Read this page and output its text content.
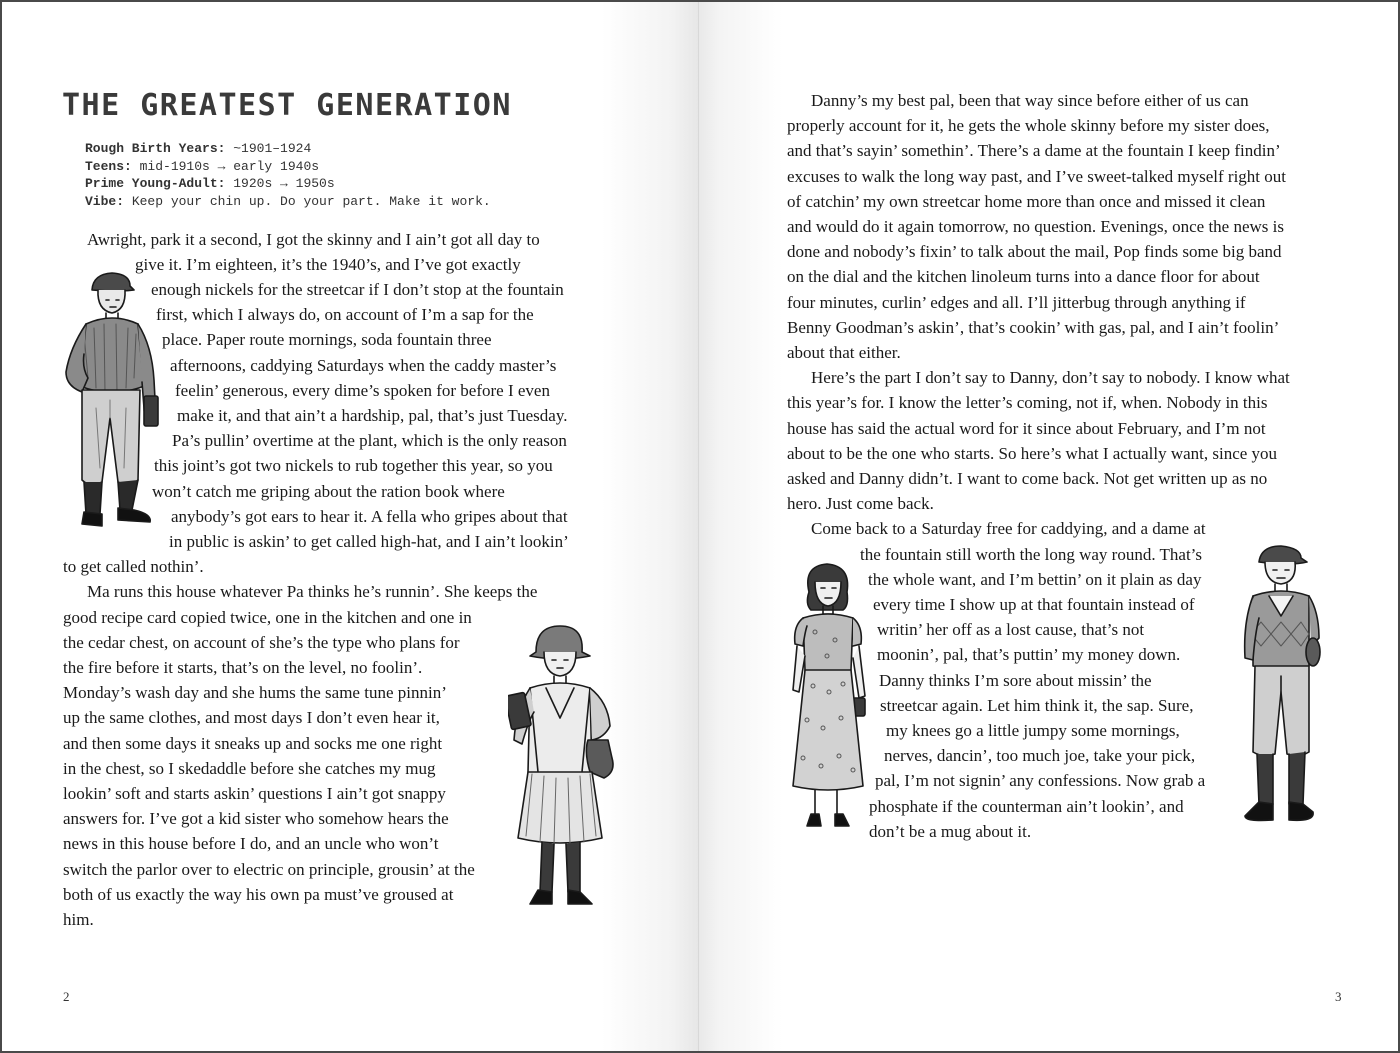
THE GREATEST GENERATION
Rough Birth Years: ~1901–1924
Teens: mid-1910s → early 1940s
Prime Young-Adult: 1920s → 1950s
Vibe: Keep your chin up. Do your part. Make it work.
Awright, park it a second, I got the skinny and I ain’t got all day to
give it. I’m eighteen, it’s the 1940’s, and I’ve got exactly
enough nickels for the streetcar if I don’t stop at the fountain
first, which I always do, on account of I’m a sap for the
place. Paper route mornings, soda fountain three
afternoons, caddying Saturdays when the caddy master’s
feelin’ generous, every dime’s spoken for before I even
make it, and that ain’t a hardship, pal, that’s just Tuesday.
Pa’s pullin’ overtime at the plant, which is the only reason
this joint’s got two nickels to rub together this year, so you
won’t catch me griping about the ration book where
anybody’s got ears to hear it. A fella who gripes about that
in public is askin’ to get called high-hat, and I ain’t lookin’
to get called nothin’.
Ma runs this house whatever Pa thinks he’s runnin’. She keeps the
good recipe card copied twice, one in the kitchen and one in
the cedar chest, on account of she’s the type who plans for
the fire before it starts, that’s on the level, no foolin’.
Monday’s wash day and she hums the same tune pinnin’
up the same clothes, and most days I don’t even hear it,
and then some days it sneaks up and socks me one right
in the chest, so I skedaddle before she catches my mug
lookin’ soft and starts askin’ questions I ain’t got snappy
answers for. I’ve got a kid sister who somehow hears the
news in this house before I do, and an uncle who won’t
switch the parlor over to electric on principle, grousin’ at the
both of us exactly the way his own pa must’ve groused at
him.
2
Danny’s my best pal, been that way since before either of us can
properly account for it, he gets the whole skinny before my sister does,
and that’s sayin’ somethin’. There’s a dame at the fountain I keep findin’
excuses to walk the long way past, and I’ve sweet-talked myself right out
of catchin’ my own streetcar home more than once and missed it clean
and would do it again tomorrow, no question. Evenings, once the news is
done and nobody’s fixin’ to talk about the mail, Pop finds some big band
on the dial and the kitchen linoleum turns into a dance floor for about
four minutes, curlin’ edges and all. I’ll jitterbug through anything if
Benny Goodman’s askin’, that’s cookin’ with gas, pal, and I ain’t foolin’
about that either.
Here’s the part I don’t say to Danny, don’t say to nobody. I know what
this year’s for. I know the letter’s coming, not if, when. Nobody in this
house has said the actual word for it since about February, and I’m not
about to be the one who starts. So here’s what I actually want, since you
asked and Danny didn’t. I want to come back. Not get written up as no
hero. Just come back.
Come back to a Saturday free for caddying, and a dame at
the fountain still worth the long way round. That’s
the whole want, and I’m bettin’ on it plain as day
every time I show up at that fountain instead of
writin’ her off as a lost cause, that’s not
moonin’, pal, that’s puttin’ my money down.
Danny thinks I’m sore about missin’ the
streetcar again. Let him think it, the sap. Sure,
my knees go a little jumpy some mornings,
nerves, dancin’, too much joe, take your pick,
pal, I’m not signin’ any confessions. Now grab a
phosphate if the counterman ain’t lookin’, and
don’t be a mug about it.
3
